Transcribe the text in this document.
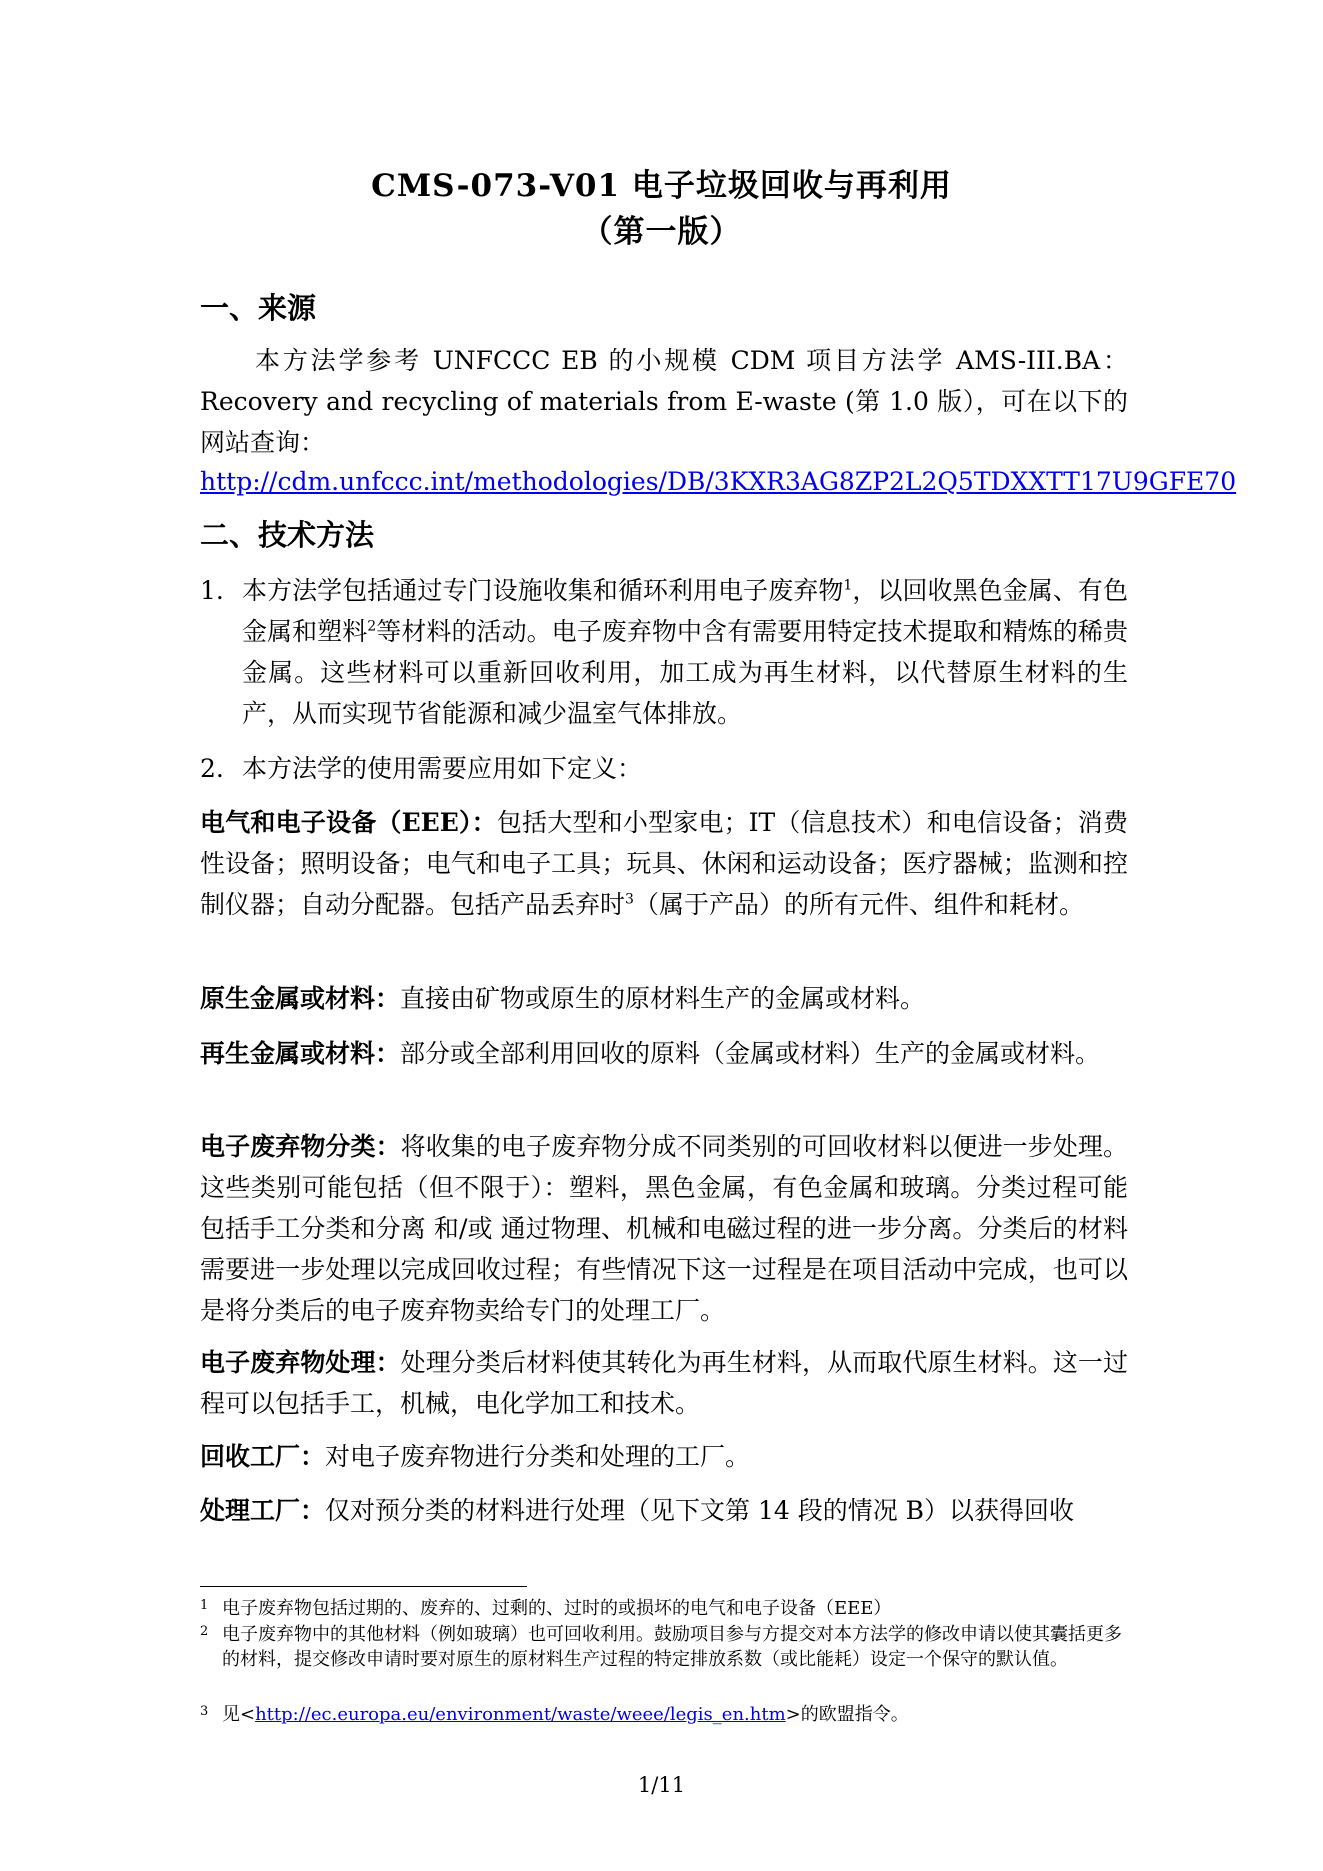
CMS-073-V01 电子垃圾回收与再利用
（第一版）
一、来源
本方法学参考 UNFCCC EB 的小规模 CDM 项目方法学 AMS-III.BA：Recovery and recycling of materials from E-waste (第 1.0 版），可在以下的网站查询：
http://cdm.unfccc.int/methodologies/DB/3KXR3AG8ZP2L2Q5TDXXTT17U9GFE70
二、技术方法
1. 本方法学包括通过专门设施收集和循环利用电子废弃物$^1$，以回收黑色金属、有色金属和塑料$^2$等材料的活动。电子废弃物中含有需要用特定技术提取和精炼的稀贵金属。这些材料可以重新回收利用，加工成为再生材料，以代替原生材料的生产，从而实现节省能源和减少温室气体排放。
2. 本方法学的使用需要应用如下定义：
电气和电子设备（EEE）：包括大型和小型家电；IT（信息技术）和电信设备；消费性设备；照明设备；电气和电子工具；玩具、休闲和运动设备；医疗器械；监测和控制仪器；自动分配器。包括产品丢弃时$^3$（属于产品）的所有元件、组件和耗材。
原生金属或材料：直接由矿物或原生的原材料生产的金属或材料。
再生金属或材料：部分或全部利用回收的原料（金属或材料）生产的金属或材料。
电子废弃物分类：将收集的电子废弃物分成不同类别的可回收材料以便进一步处理。这些类别可能包括（但不限于）：塑料，黑色金属，有色金属和玻璃。分类过程可能包括手工分类和分离 和/或 通过物理、机械和电磁过程的进一步分离。分类后的材料需要进一步处理以完成回收过程；有些情况下这一过程是在项目活动中完成，也可以是将分类后的电子废弃物卖给专门的处理工厂。
电子废弃物处理：处理分类后材料使其转化为再生材料，从而取代原生材料。这一过程可以包括手工，机械，电化学加工和技术。
回收工厂：对电子废弃物进行分类和处理的工厂。
处理工厂：仅对预分类的材料进行处理（见下文第 14 段的情况 B）以获得回收
1 电子废弃物包括过期的、废弃的、过剩的、过时的或损坏的电气和电子设备（EEE）
2 电子废弃物中的其他材料（例如玻璃）也可回收利用。鼓励项目参与方提交对本方法学的修改申请以使其囊括更多的材料，提交修改申请时要对原生的原材料生产过程的特定排放系数（或比能耗）设定一个保守的默认值。
3 见<http://ec.europa.eu/environment/waste/weee/legis_en.htm>的欧盟指令。
1/11
